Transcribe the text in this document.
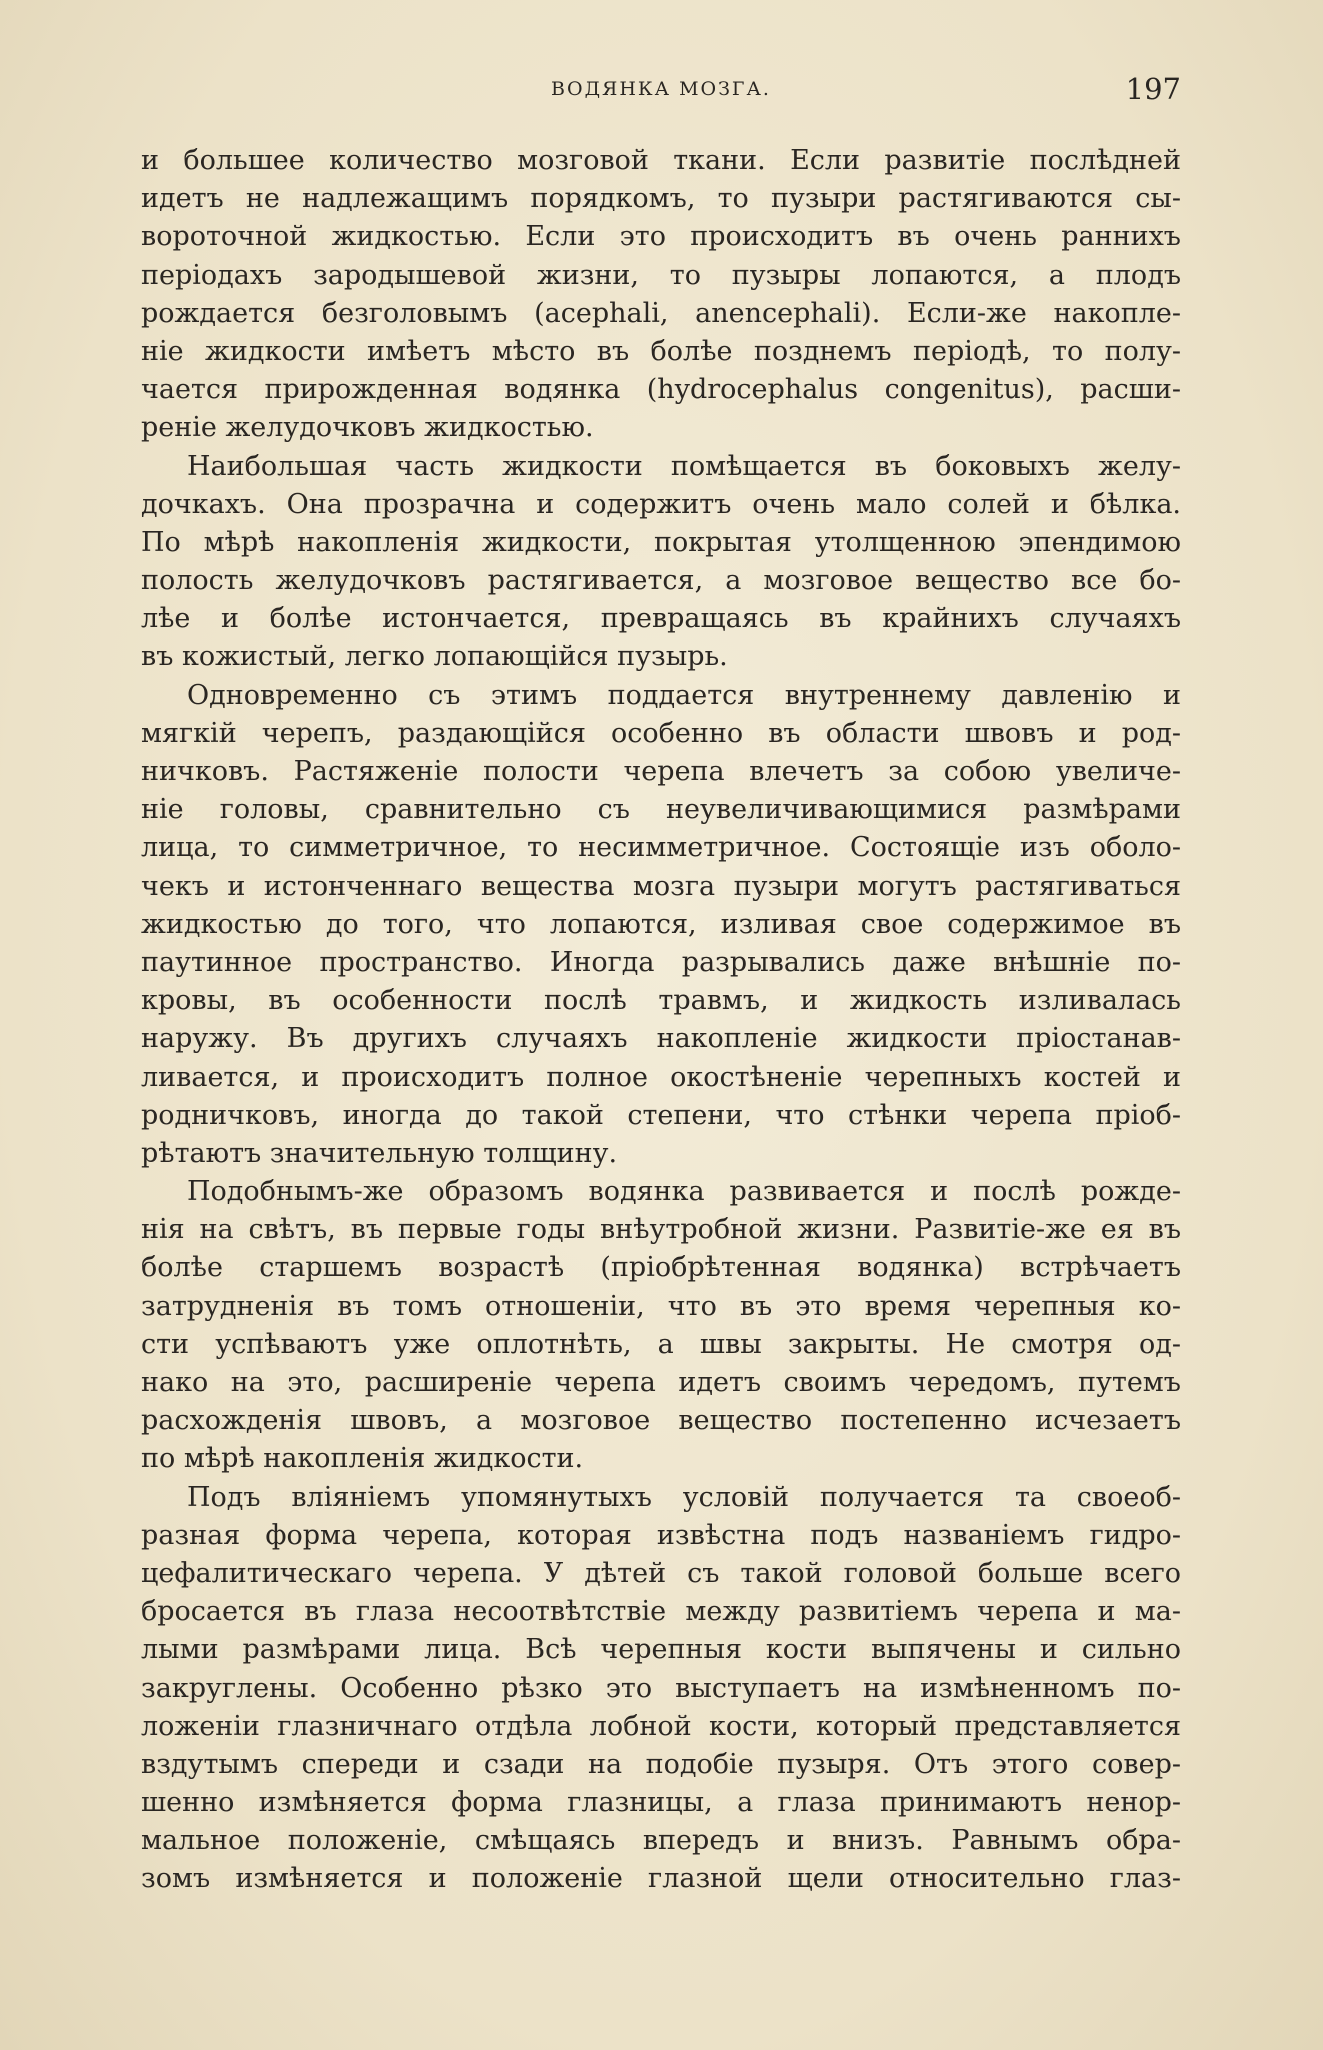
ВОДЯНКА МОЗГА.	197
и большее количество мозговой ткани. Если развитіе послѣдней
идетъ не надлежащимъ порядкомъ, то пузыри растягиваются сы-
вороточной жидкостью. Если это происходитъ въ очень раннихъ
періодахъ зародышевой жизни, то пузыры лопаются, а плодъ
рождается безголовымъ (acephali, anencephali). Если-же накопле-
ніе жидкости имѣетъ мѣсто въ болѣе позднемъ періодѣ, то полу-
чается прирожденная водянка (hydrocephalus congenitus), расши-
реніе желудочковъ жидкостью.
Наибольшая часть жидкости помѣщается въ боковыхъ желу-
дочкахъ. Она прозрачна и содержитъ очень мало солей и бѣлка.
По мѣрѣ накопленія жидкости, покрытая утолщенною эпендимою
полость желудочковъ растягивается, а мозговое вещество все бо-
лѣе и болѣе истончается, превращаясь въ крайнихъ случаяхъ
въ кожистый, легко лопающійся пузырь.
Одновременно съ этимъ поддается внутреннему давленію и
мягкій черепъ, раздающійся особенно въ области швовъ и род-
ничковъ. Растяженіе полости черепа влечетъ за собою увеличе-
ніе головы, сравнительно съ неувеличивающимися размѣрами
лица, то симметричное, то несимметричное. Состоящіе изъ оболо-
чекъ и истонченнаго вещества мозга пузыри могутъ растягиваться
жидкостью до того, что лопаются, изливая свое содержимое въ
паутинное пространство. Иногда разрывались даже внѣшніе по-
кровы, въ особенности послѣ травмъ, и жидкость изливалась
наружу. Въ другихъ случаяхъ накопленіе жидкости пріостанав-
ливается, и происходитъ полное окостѣненіе черепныхъ костей и
родничковъ, иногда до такой степени, что стѣнки черепа пріоб-
рѣтаютъ значительную толщину.
Подобнымъ-же образомъ водянка развивается и послѣ рожде-
нія на свѣтъ, въ первые годы внѣутробной жизни. Развитіе-же ея въ
болѣе старшемъ возрастѣ (пріобрѣтенная водянка) встрѣчаетъ
затрудненія въ томъ отношеніи, что въ это время черепныя ко-
сти успѣваютъ уже оплотнѣть, а швы закрыты. Не смотря од-
нако на это, расширеніе черепа идетъ своимъ чередомъ, путемъ
расхожденія швовъ, а мозговое вещество постепенно исчезаетъ
по мѣрѣ накопленія жидкости.
Подъ вліяніемъ упомянутыхъ условій получается та своеоб-
разная форма черепа, которая извѣстна подъ названіемъ гидро-
цефалитическаго черепа. У дѣтей съ такой головой больше всего
бросается въ глаза несоотвѣтствіе между развитіемъ черепа и ма-
лыми размѣрами лица. Всѣ черепныя кости выпячены и сильно
закруглены. Особенно рѣзко это выступаетъ на измѣненномъ по-
ложеніи глазничнаго отдѣла лобной кости, который представляется
вздутымъ спереди и сзади на подобіе пузыря. Отъ этого совер-
шенно измѣняется форма глазницы, а глаза принимаютъ ненор-
мальное положеніе, смѣщаясь впередъ и внизъ. Равнымъ обра-
зомъ измѣняется и положеніе глазной щели относительно глаз-
